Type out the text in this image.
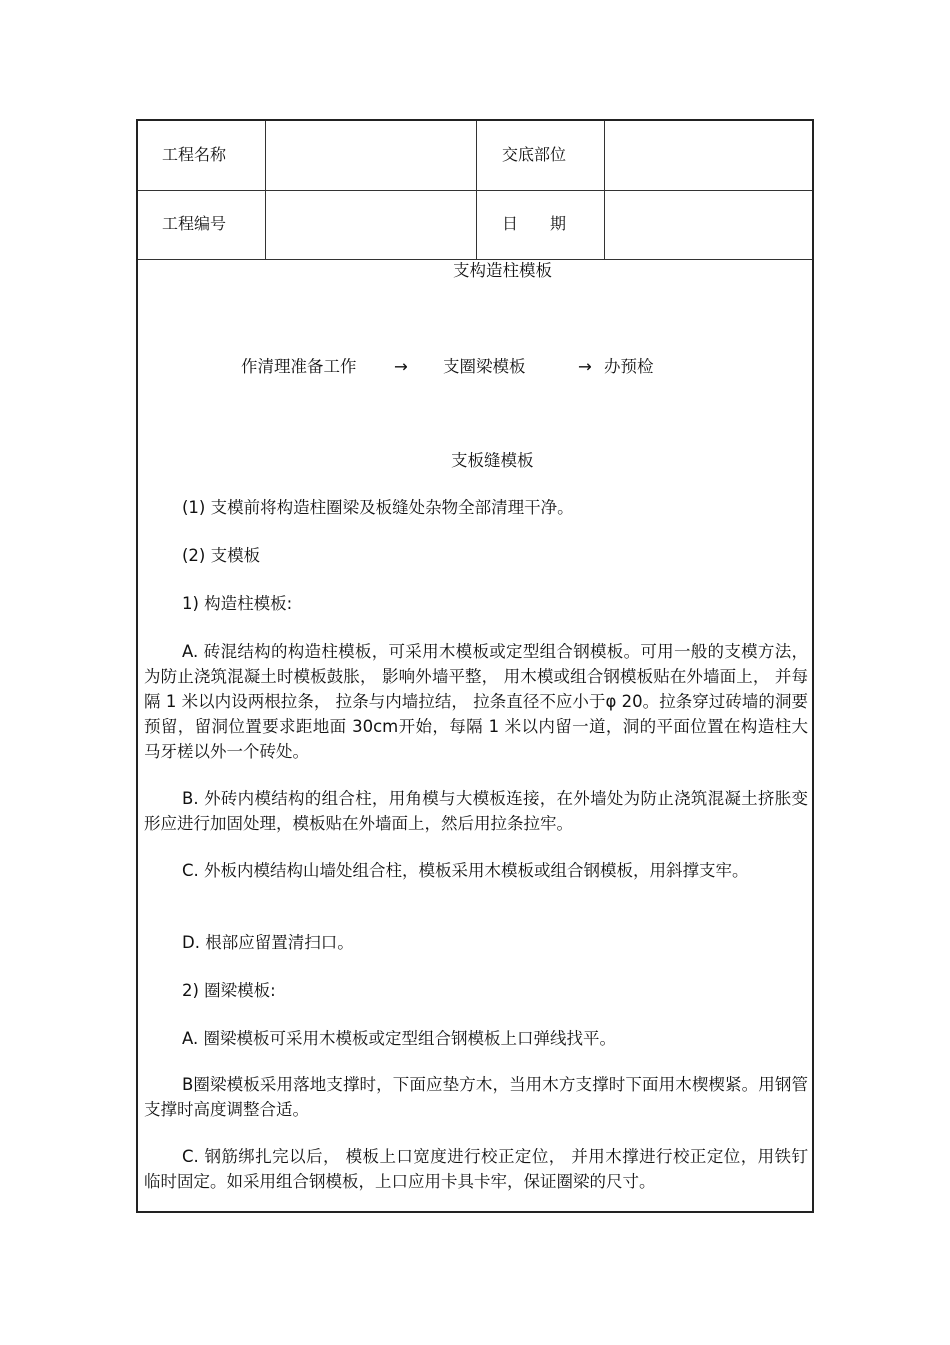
工程名称	交底部位
工程编号	日　　期
支构造柱模板
作清理准备工作 → 支圈梁模板	→ 办预检
支板缝模板
(1) 支模前将构造柱圈梁及板缝处杂物全部清理干净。
(2) 支模板
1) 构造柱模板:
A. 砖混结构的构造柱模板，可采用木模板或定型组合钢模板。可用一般的支模方法， 为防止浇筑混凝土时模板鼓胀， 影响外墙平整， 用木模或组合钢模板贴在外墙面上， 并每隔 1 米以内设两根拉条， 拉条与内墙拉结， 拉条直径不应小于φ 20。拉条穿过砖墙的洞要预留，留洞位置要求距地面 30cm开始，每隔 1 米以内留一道，洞的平面位置在构造柱大马牙槎以外一个砖处。
B. 外砖内模结构的组合柱，用角模与大模板连接，在外墙处为防止浇筑混凝土挤胀变形应进行加固处理，模板贴在外墙面上，然后用拉条拉牢。
C. 外板内模结构山墙处组合柱，模板采用木模板或组合钢模板，用斜撑支牢。
D. 根部应留置清扫口。
2) 圈梁模板:
A. 圈梁模板可采用木模板或定型组合钢模板上口弹线找平。
B圈梁模板采用落地支撑时，下面应垫方木，当用木方支撑时下面用木楔楔紧。用钢管支撑时高度调整合适。
C. 钢筋绑扎完以后， 模板上口宽度进行校正定位， 并用木撑进行校正定位，用铁钉临时固定。如采用组合钢模板，上口应用卡具卡牢，保证圈梁的尺寸。
